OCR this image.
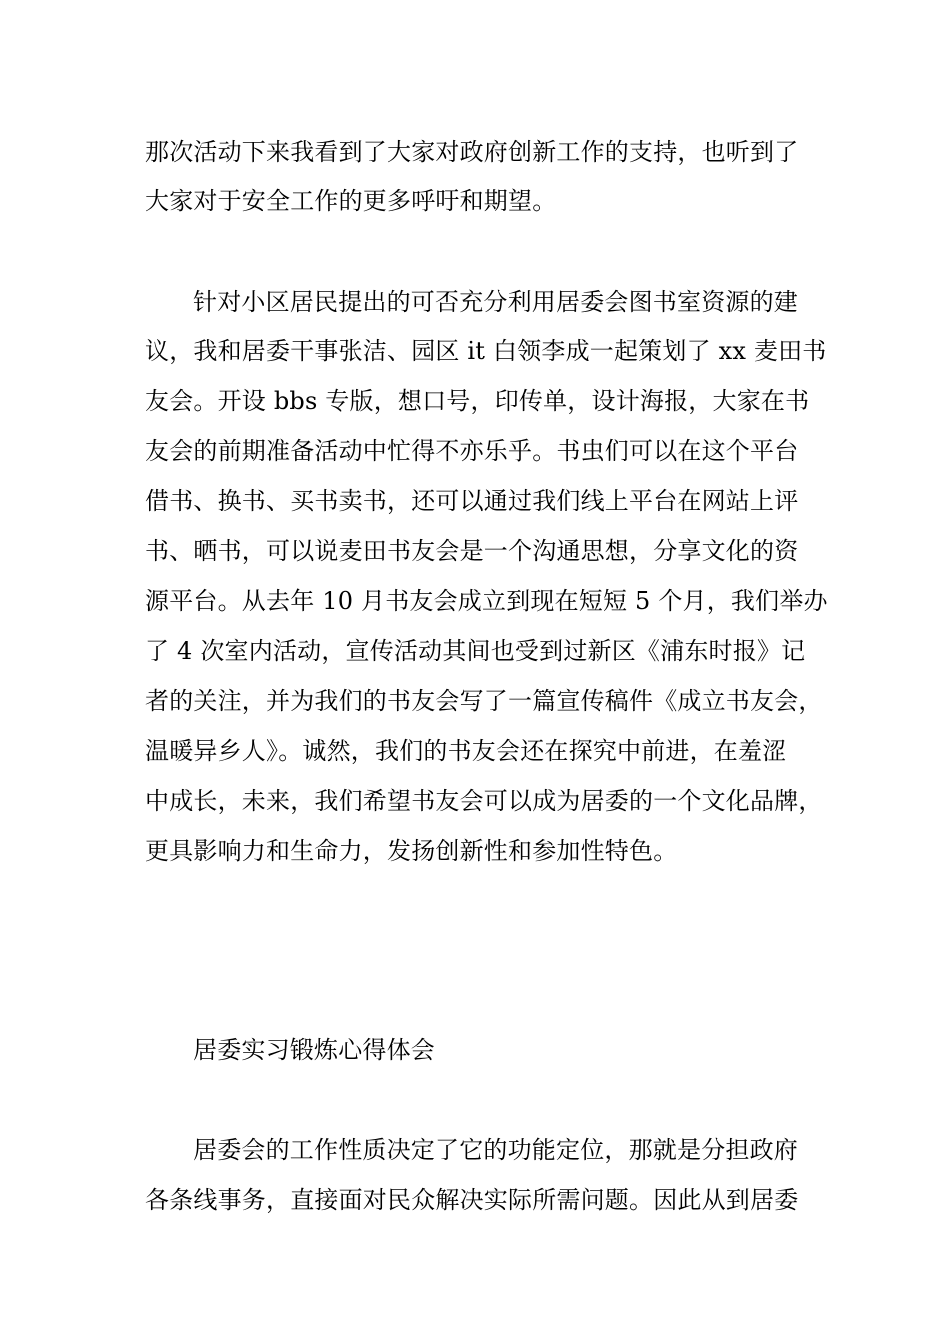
那次活动下来我看到了大家对政府创新工作的支持，也听到了
大家对于安全工作的更多呼吁和期望。
针对小区居民提出的可否充分利用居委会图书室资源的建
议，我和居委干事张洁、园区 it 白领李成一起策划了 xx 麦田书
友会。开设 bbs 专版，想口号，印传单，设计海报，大家在书
友会的前期准备活动中忙得不亦乐乎。书虫们可以在这个平台
借书、换书、买书卖书，还可以通过我们线上平台在网站上评
书、晒书，可以说麦田书友会是一个沟通思想，分享文化的资
源平台。从去年 10 月书友会成立到现在短短 5 个月，我们举办
了 4 次室内活动，宣传活动其间也受到过新区《浦东时报》记
者的关注，并为我们的书友会写了一篇宣传稿件《成立书友会，
温暖异乡人》。诚然，我们的书友会还在探究中前进，在羞涩
中成长，未来，我们希望书友会可以成为居委的一个文化品牌，
更具影响力和生命力，发扬创新性和参加性特色。
居委实习锻炼心得体会
居委会的工作性质决定了它的功能定位，那就是分担政府
各条线事务，直接面对民众解决实际所需问题。因此从到居委
